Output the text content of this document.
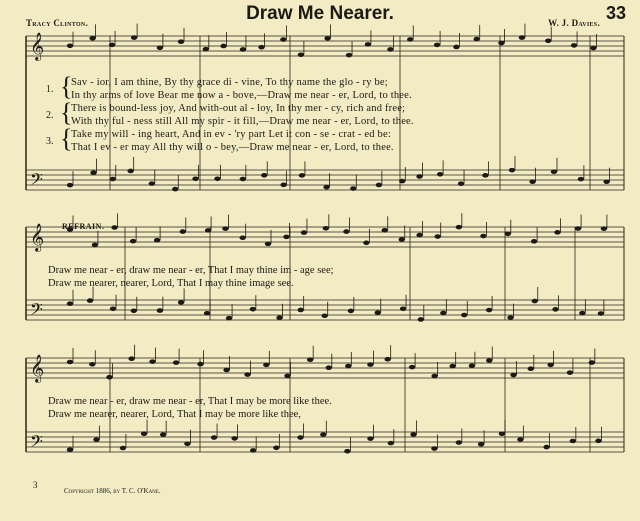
𝄞
𝄢
𝄞
𝄢
𝄞
𝄢
Draw Me Nearer.	33
Tracy Clinton.	W. J. Davies.
1.
2.
3.
{
{
{
Sav - ior, I am thine, By thy grace di - vine, To thy name the glo - ry be;
In thy arms of love Bear me now a - bove,—Draw me near - er, Lord, to thee.
There is bound-less joy, And with-out al - loy, In thy mer - cy, rich and free;
With thy ful - ness still All my spir - it fill,—Draw me near - er, Lord, to thee.
Take my will - ing heart, And in ev - 'ry part Let it con - se - crat - ed be:
That I ev - er may All thy will o - bey,—Draw me near - er, Lord, to thee.
REFRAIN.
Draw me near - er, draw me near - er, That I may thine im - age see;
Draw me nearer, nearer, Lord, That I may thine image see.
Draw me near - er, draw me near - er, That I may be more like thee.
Draw me nearer, nearer, Lord, That I may be more like thee,
Copyright 1886, by T. C. O'Kane.
3
